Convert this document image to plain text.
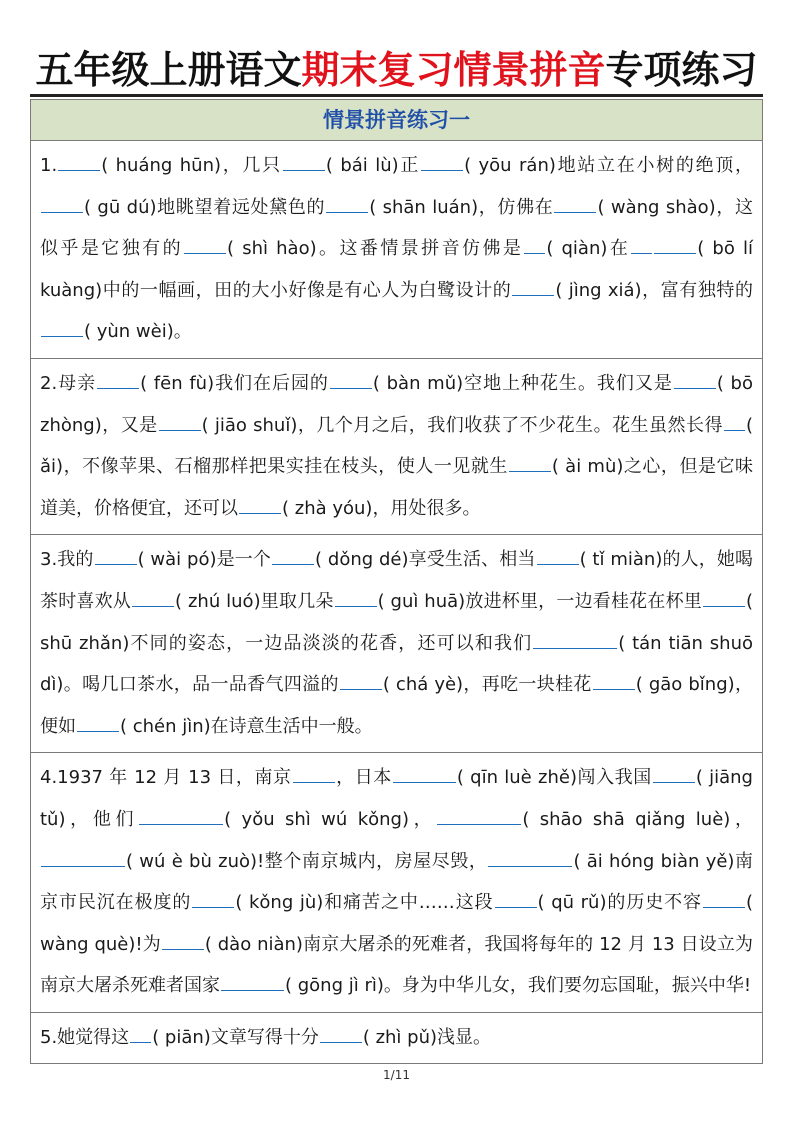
五年级上册语文期末复习情景拼音专项练习
情景拼音练习一
1. ( huáng hūn)，几只 ( bái lù)正 ( yōu rán)地站立在小树的绝顶，( gū dú)地眺望着远处黛色的 ( shān luán)，仿佛在 ( wàng shào)，这似乎是它独有的 ( shì hào)。这番情景拼音仿佛是 ( qiàn)在	( bō lí kuàng)中的一幅画，田的大小好像是有心人为白鹭设计的 ( jìng xiá)，富有独特的( yùn wèi)。
2.母亲 ( fēn fù)我们在后园的 ( bàn mǔ)空地上种花生。我们又是 ( bō zhòng)，又是 ( jiāo shuǐ)，几个月之后，我们收获了不少花生。花生虽然长得 ( ǎi)，不像苹果、石榴那样把果实挂在枝头，使人一见就生 ( ài mù)之心，但是它味道美，价格便宜，还可以 ( zhà yóu)，用处很多。
3.我的 ( wài pó)是一个 ( dǒng dé)享受生活、相当 ( tǐ miàn)的人，她喝茶时喜欢从 ( zhú luó)里取几朵 ( guì huā)放进杯里，一边看桂花在杯里 ( shū zhǎn)不同的姿态，一边品淡淡的花香，还可以和我们	( tán tiān shuō dì)。喝几口茶水，品一品香气四溢的 ( chá yè)，再吃一块桂花 ( gāo bǐng)，便如 ( chén jìn)在诗意生活中一般。
4.1937 年 12 月 13 日，南京 ，日本	( qīn luè zhě)闯入我国 ( jiāng tǔ)，他们	( yǒu shì wú kǒng)，	( shāo shā qiǎng luè)，( wú è bù zuò)!整个南京城内，房屋尽毁，	( āi hóng biàn yě)南京市民沉在极度的 ( kǒng jù)和痛苦之中……这段 ( qū rǔ)的历史不容 ( wàng què)!为 ( dào niàn)南京大屠杀的死难者，我国将每年的 12 月 13 日设立为南京大屠杀死难者国家	( gōng jì rì)。身为中华儿女，我们要勿忘国耻，振兴中华!
5.她觉得这 ( piān)文章写得十分 ( zhì pǔ)浅显。
1/11
